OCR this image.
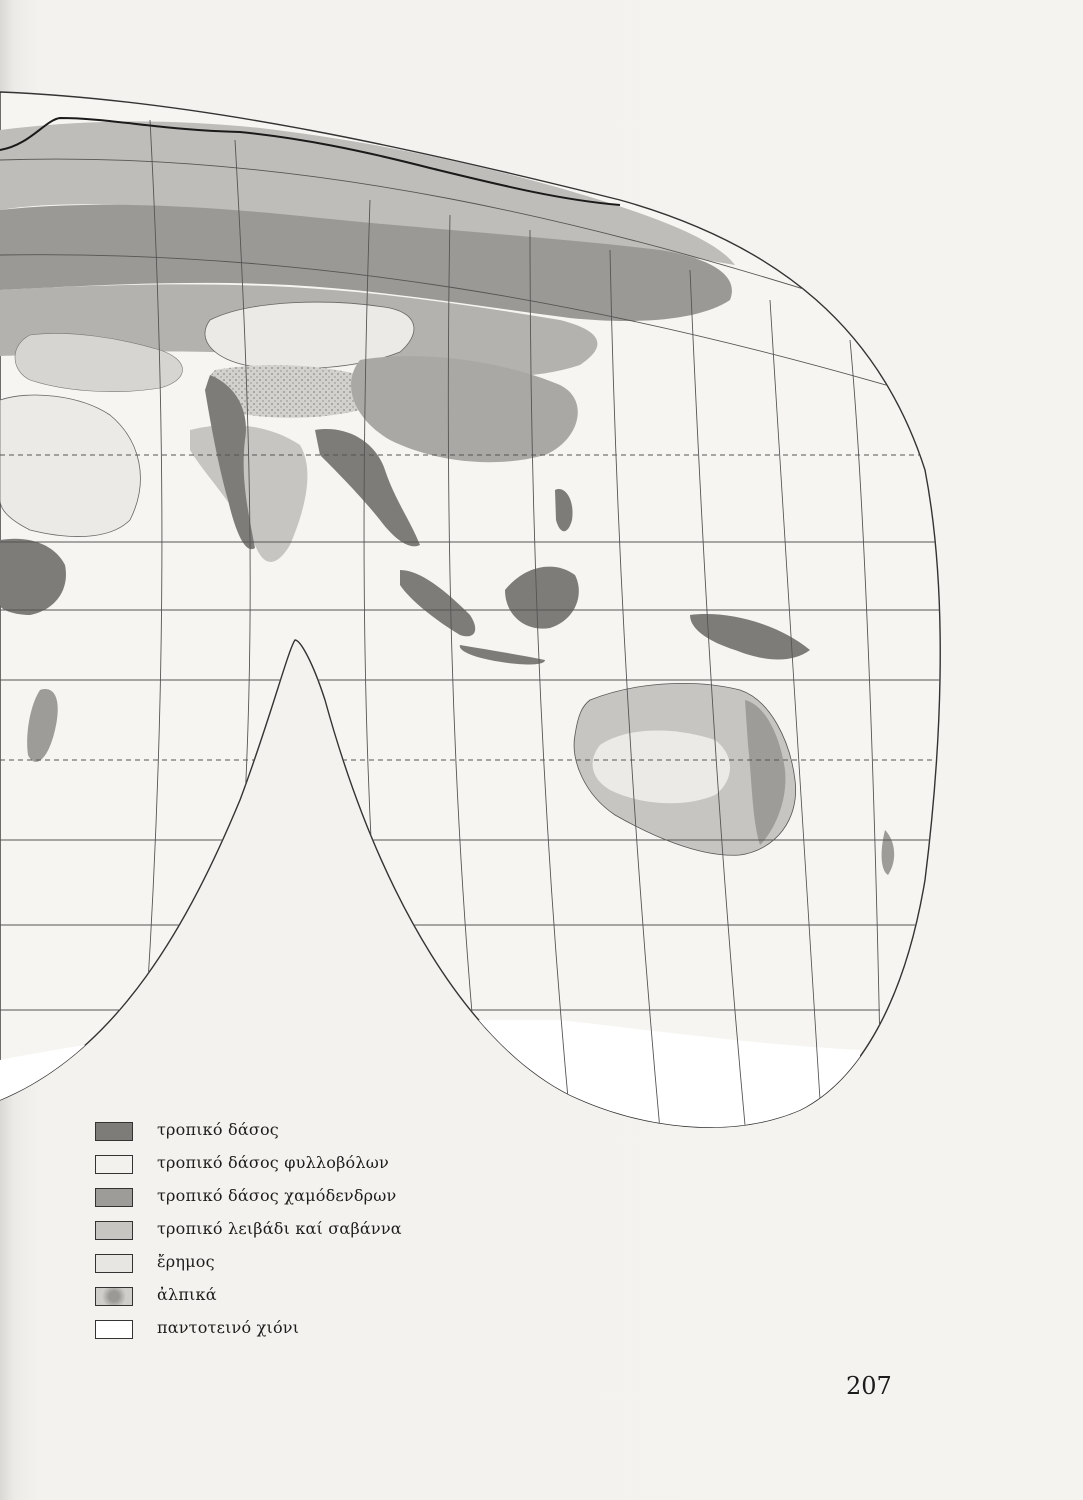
τροπικό δάσος
τροπικό δάσος φυλλοβόλων
τροπικό δάσος χαμόδενδρων
τροπικό λειβάδι καί σαβάννα
ἔρημος
ἀλπικά
παντοτεινό χιόνι
207
